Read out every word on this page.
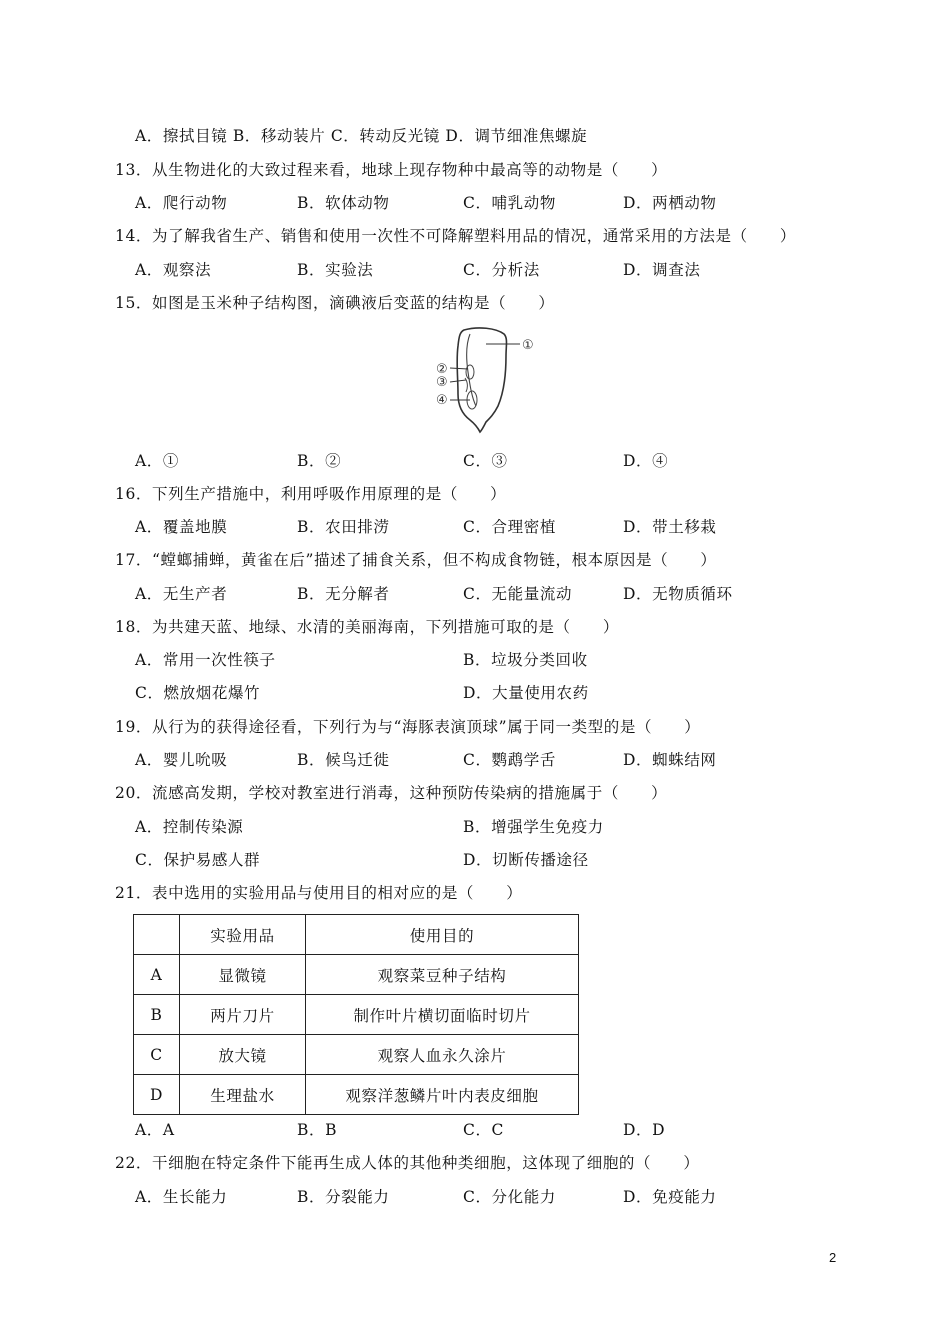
A．擦拭目镜 B．移动装片 C．转动反光镜 D．调节细准焦螺旋
13．从生物进化的大致过程来看，地球上现存物种中最高等的动物是（　　）
A．爬行动物	B．软体动物	C．哺乳动物	D．两栖动物
14．为了解我省生产、销售和使用一次性不可降解塑料用品的情况，通常采用的方法是（　　）
A．观察法	B．实验法	C．分析法	D．调查法
15．如图是玉米种子结构图，滴碘液后变蓝的结构是（　　）
①
②
③
④
A．①	B．②	C．③	D．④
16．下列生产措施中，利用呼吸作用原理的是（　　）
A．覆盖地膜	B．农田排涝	C．合理密植	D．带土移栽
17．“螳螂捕蝉，黄雀在后”描述了捕食关系，但不构成食物链，根本原因是（　　）
A．无生产者	B．无分解者	C．无能量流动	D．无物质循环
18．为共建天蓝、地绿、水清的美丽海南，下列措施可取的是（　　）
A．常用一次性筷子	B．垃圾分类回收
C．燃放烟花爆竹	D．大量使用农药
19．从行为的获得途径看，下列行为与“海豚表演顶球”属于同一类型的是（　　）
A．婴儿吮吸	B．候鸟迁徙	C．鹦鹉学舌	D．蜘蛛结网
20．流感高发期，学校对教室进行消毒，这种预防传染病的措施属于（　　）
A．控制传染源	B．增强学生免疫力
C．保护易感人群	D．切断传播途径
21．表中选用的实验用品与使用目的相对应的是（　　）
	实验用品	使用目的
A	显微镜	观察菜豆种子结构
B	两片刀片	制作叶片横切面临时切片
C	放大镜	观察人血永久涂片
D	生理盐水	观察洋葱鳞片叶内表皮细胞
A．A	B．B	C．C	D．D
22．干细胞在特定条件下能再生成人体的其他种类细胞，这体现了细胞的（　　）
A．生长能力	B．分裂能力	C．分化能力	D．免疫能力
2
